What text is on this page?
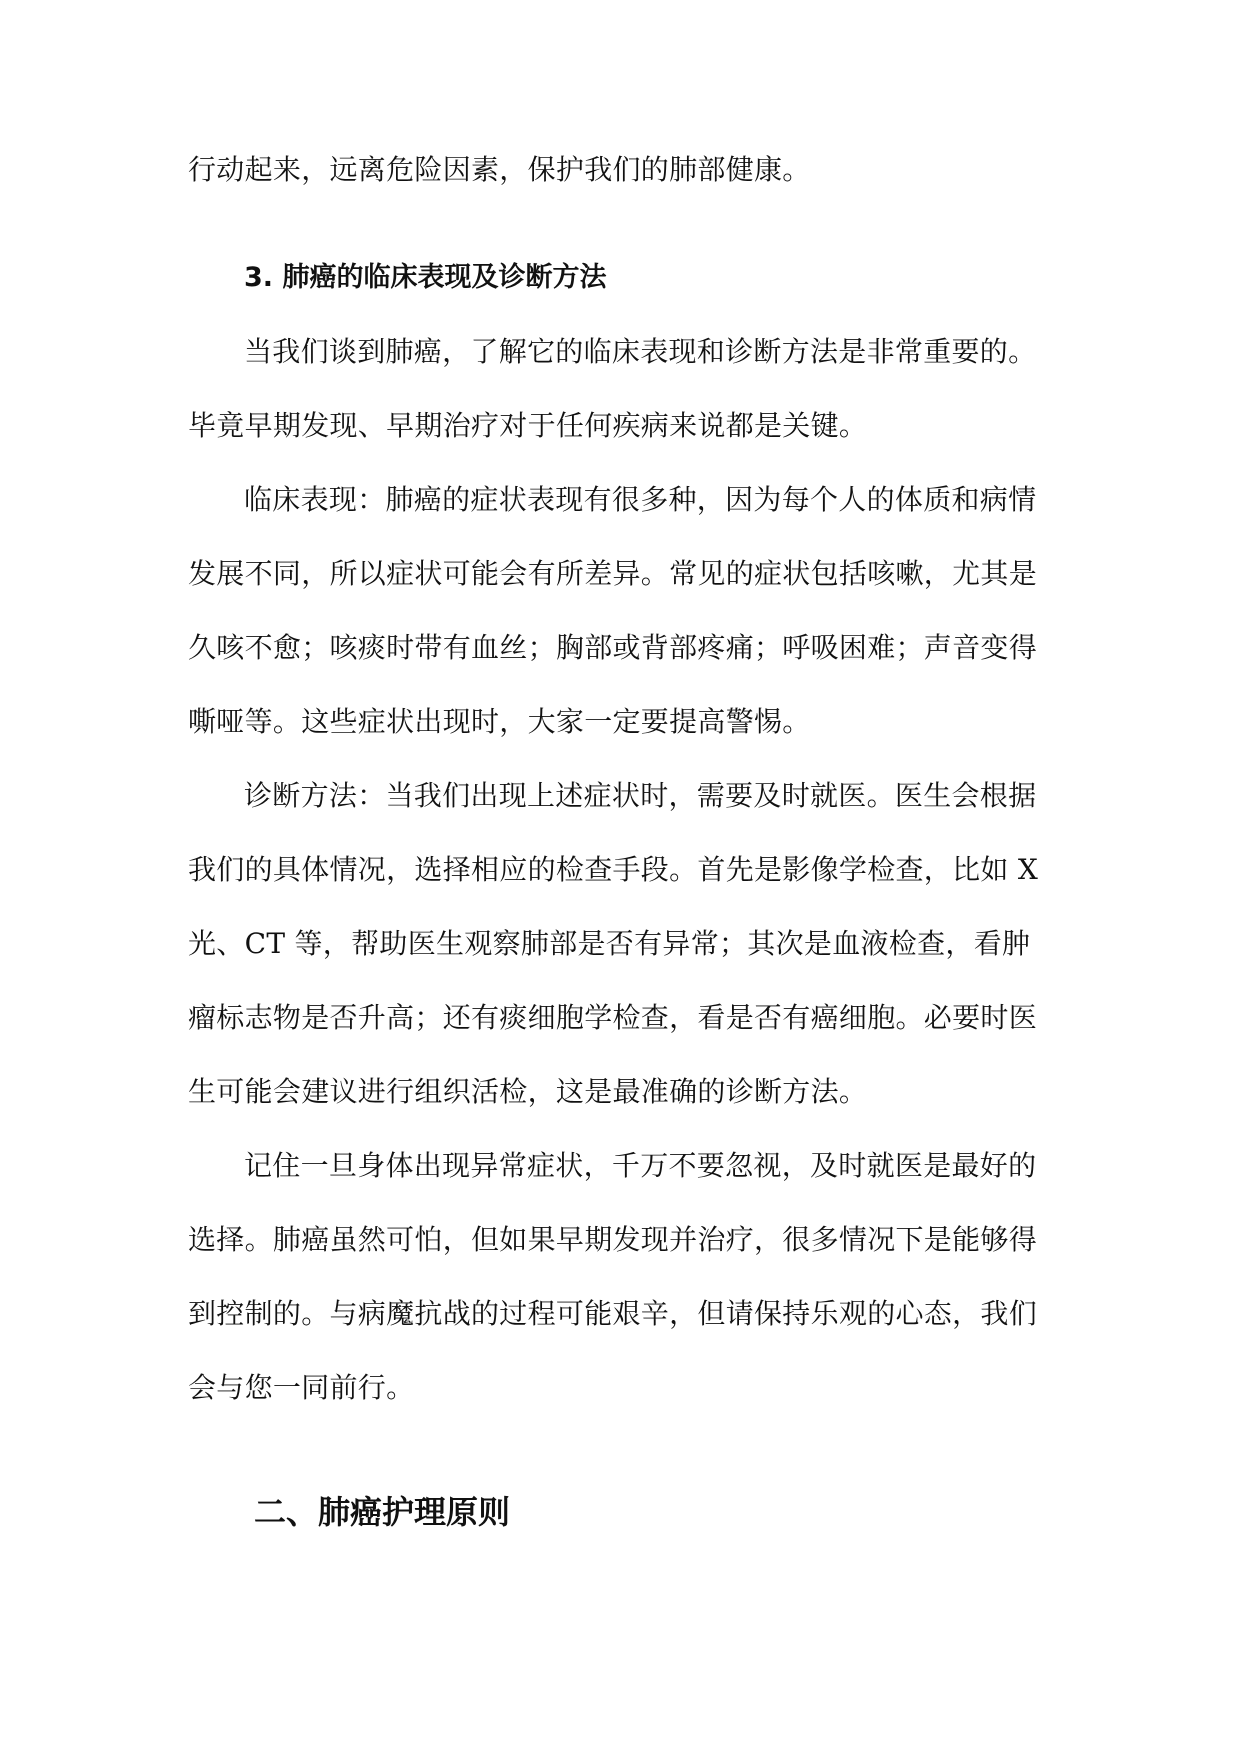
行动起来，远离危险因素，保护我们的肺部健康。
3. 肺癌的临床表现及诊断方法
当我们谈到肺癌，了解它的临床表现和诊断方法是非常重要的。
毕竟早期发现、早期治疗对于任何疾病来说都是关键。
临床表现：肺癌的症状表现有很多种，因为每个人的体质和病情
发展不同，所以症状可能会有所差异。常见的症状包括咳嗽，尤其是
久咳不愈；咳痰时带有血丝；胸部或背部疼痛；呼吸困难；声音变得
嘶哑等。这些症状出现时，大家一定要提高警惕。
诊断方法：当我们出现上述症状时，需要及时就医。医生会根据
我们的具体情况，选择相应的检查手段。首先是影像学检查，比如 X
光、CT 等，帮助医生观察肺部是否有异常；其次是血液检查，看肿
瘤标志物是否升高；还有痰细胞学检查，看是否有癌细胞。必要时医
生可能会建议进行组织活检，这是最准确的诊断方法。
记住一旦身体出现异常症状，千万不要忽视，及时就医是最好的
选择。肺癌虽然可怕，但如果早期发现并治疗，很多情况下是能够得
到控制的。与病魔抗战的过程可能艰辛，但请保持乐观的心态，我们
会与您一同前行。
二、肺癌护理原则
